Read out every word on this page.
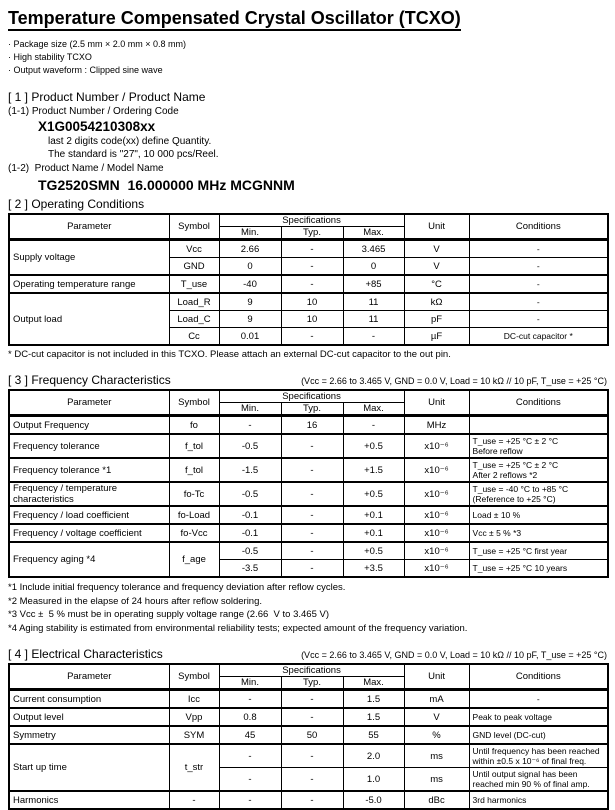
Temperature Compensated Crystal Oscillator (TCXO)
· Package size (2.5 mm × 2.0 mm × 0.8 mm)
· High stability TCXO
· Output waveform : Clipped sine wave
[ 1 ] Product Number / Product Name
(1-1) Product Number / Ordering Code
X1G0054210308xx
last 2 digits code(xx) define Quantity.
The standard is "27", 10 000 pcs/Reel.
(1-2)  Product Name / Model Name
TG2520SMN  16.000000 MHz MCGNNM
[ 2 ] Operating Conditions
Parameter	Symbol	Specifications			Unit	Conditions
		Min.	Typ.	Max.		
Supply voltage	Vcc	2.66	-	3.465	V	-

	GND	0	-	0	V	-

Operating temperature range	T_use	-40	-	+85	°C	-

Output load	Load_R	9	10	11	kΩ	-

	Load_C	9	10	11	pF	-

	Cc	0.01	-	-	µF	DC-cut capacitor *
* DC-cut capacitor is not included in this TCXO. Please attach an external DC-cut capacitor to the out pin.
[ 3 ] Frequency Characteristics	(Vcc = 2.66 to 3.465 V, GND = 0.0 V, Load = 10 kΩ // 10 pF, T_use = +25 °C)
Parameter	Symbol	Specifications			Unit	Conditions
		Min.	Typ.	Max.		
Output Frequency	fo	-	16	-	MHz	

Frequency tolerance	f_tol	-0.5	-	+0.5	x10⁻⁶	T_use = +25 °C ± 2 °C
Before reflow

Frequency tolerance *1	f_tol	-1.5	-	+1.5	x10⁻⁶	T_use = +25 °C ± 2 °C
After 2 reflows *2

Frequency / temperature characteristics	fo-Tc	-0.5	-	+0.5	x10⁻⁶	T_use = -40 °C to +85 °C
(Reference to +25 °C)

Frequency / load coefficient	fo-Load	-0.1	-	+0.1	x10⁻⁶	Load ± 10 %

Frequency / voltage coefficient	fo-Vcc	-0.1	-	+0.1	x10⁻⁶	Vcc ± 5 % *3

Frequency aging *4	f_age	-0.5	-	+0.5	x10⁻⁶	T_use = +25 °C first year

		-3.5	-	+3.5	x10⁻⁶	T_use = +25 °C 10 years
*1 Include initial frequency tolerance and frequency deviation after reflow cycles.
*2 Measured in the elapse of 24 hours after reflow soldering.
*3 Vcc ±  5 % must be in operating supply voltage range (2.66  V to 3.465 V)
*4 Aging stability is estimated from environmental reliability tests; expected amount of the frequency variation.
[ 4 ] Electrical Characteristics	(Vcc = 2.66 to 3.465 V, GND = 0.0 V, Load = 10 kΩ // 10 pF, T_use = +25 °C)
Parameter	Symbol	Specifications			Unit	Conditions
		Min.	Typ.	Max.		
Current consumption	Icc	-	-	1.5	mA	-

Output level	Vpp	0.8	-	1.5	V	Peak to peak voltage

Symmetry	SYM	45	50	55	%	GND level (DC-cut)

Start up time	t_str	-	-	2.0	ms	Until frequency has been reached
within ±0.5 x 10⁻⁶ of final freq.

		-	-	1.0	ms	Until output signal has been
reached min 90 % of final amp.

Harmonics	-	-	-	-5.0	dBc	3rd harmonics
